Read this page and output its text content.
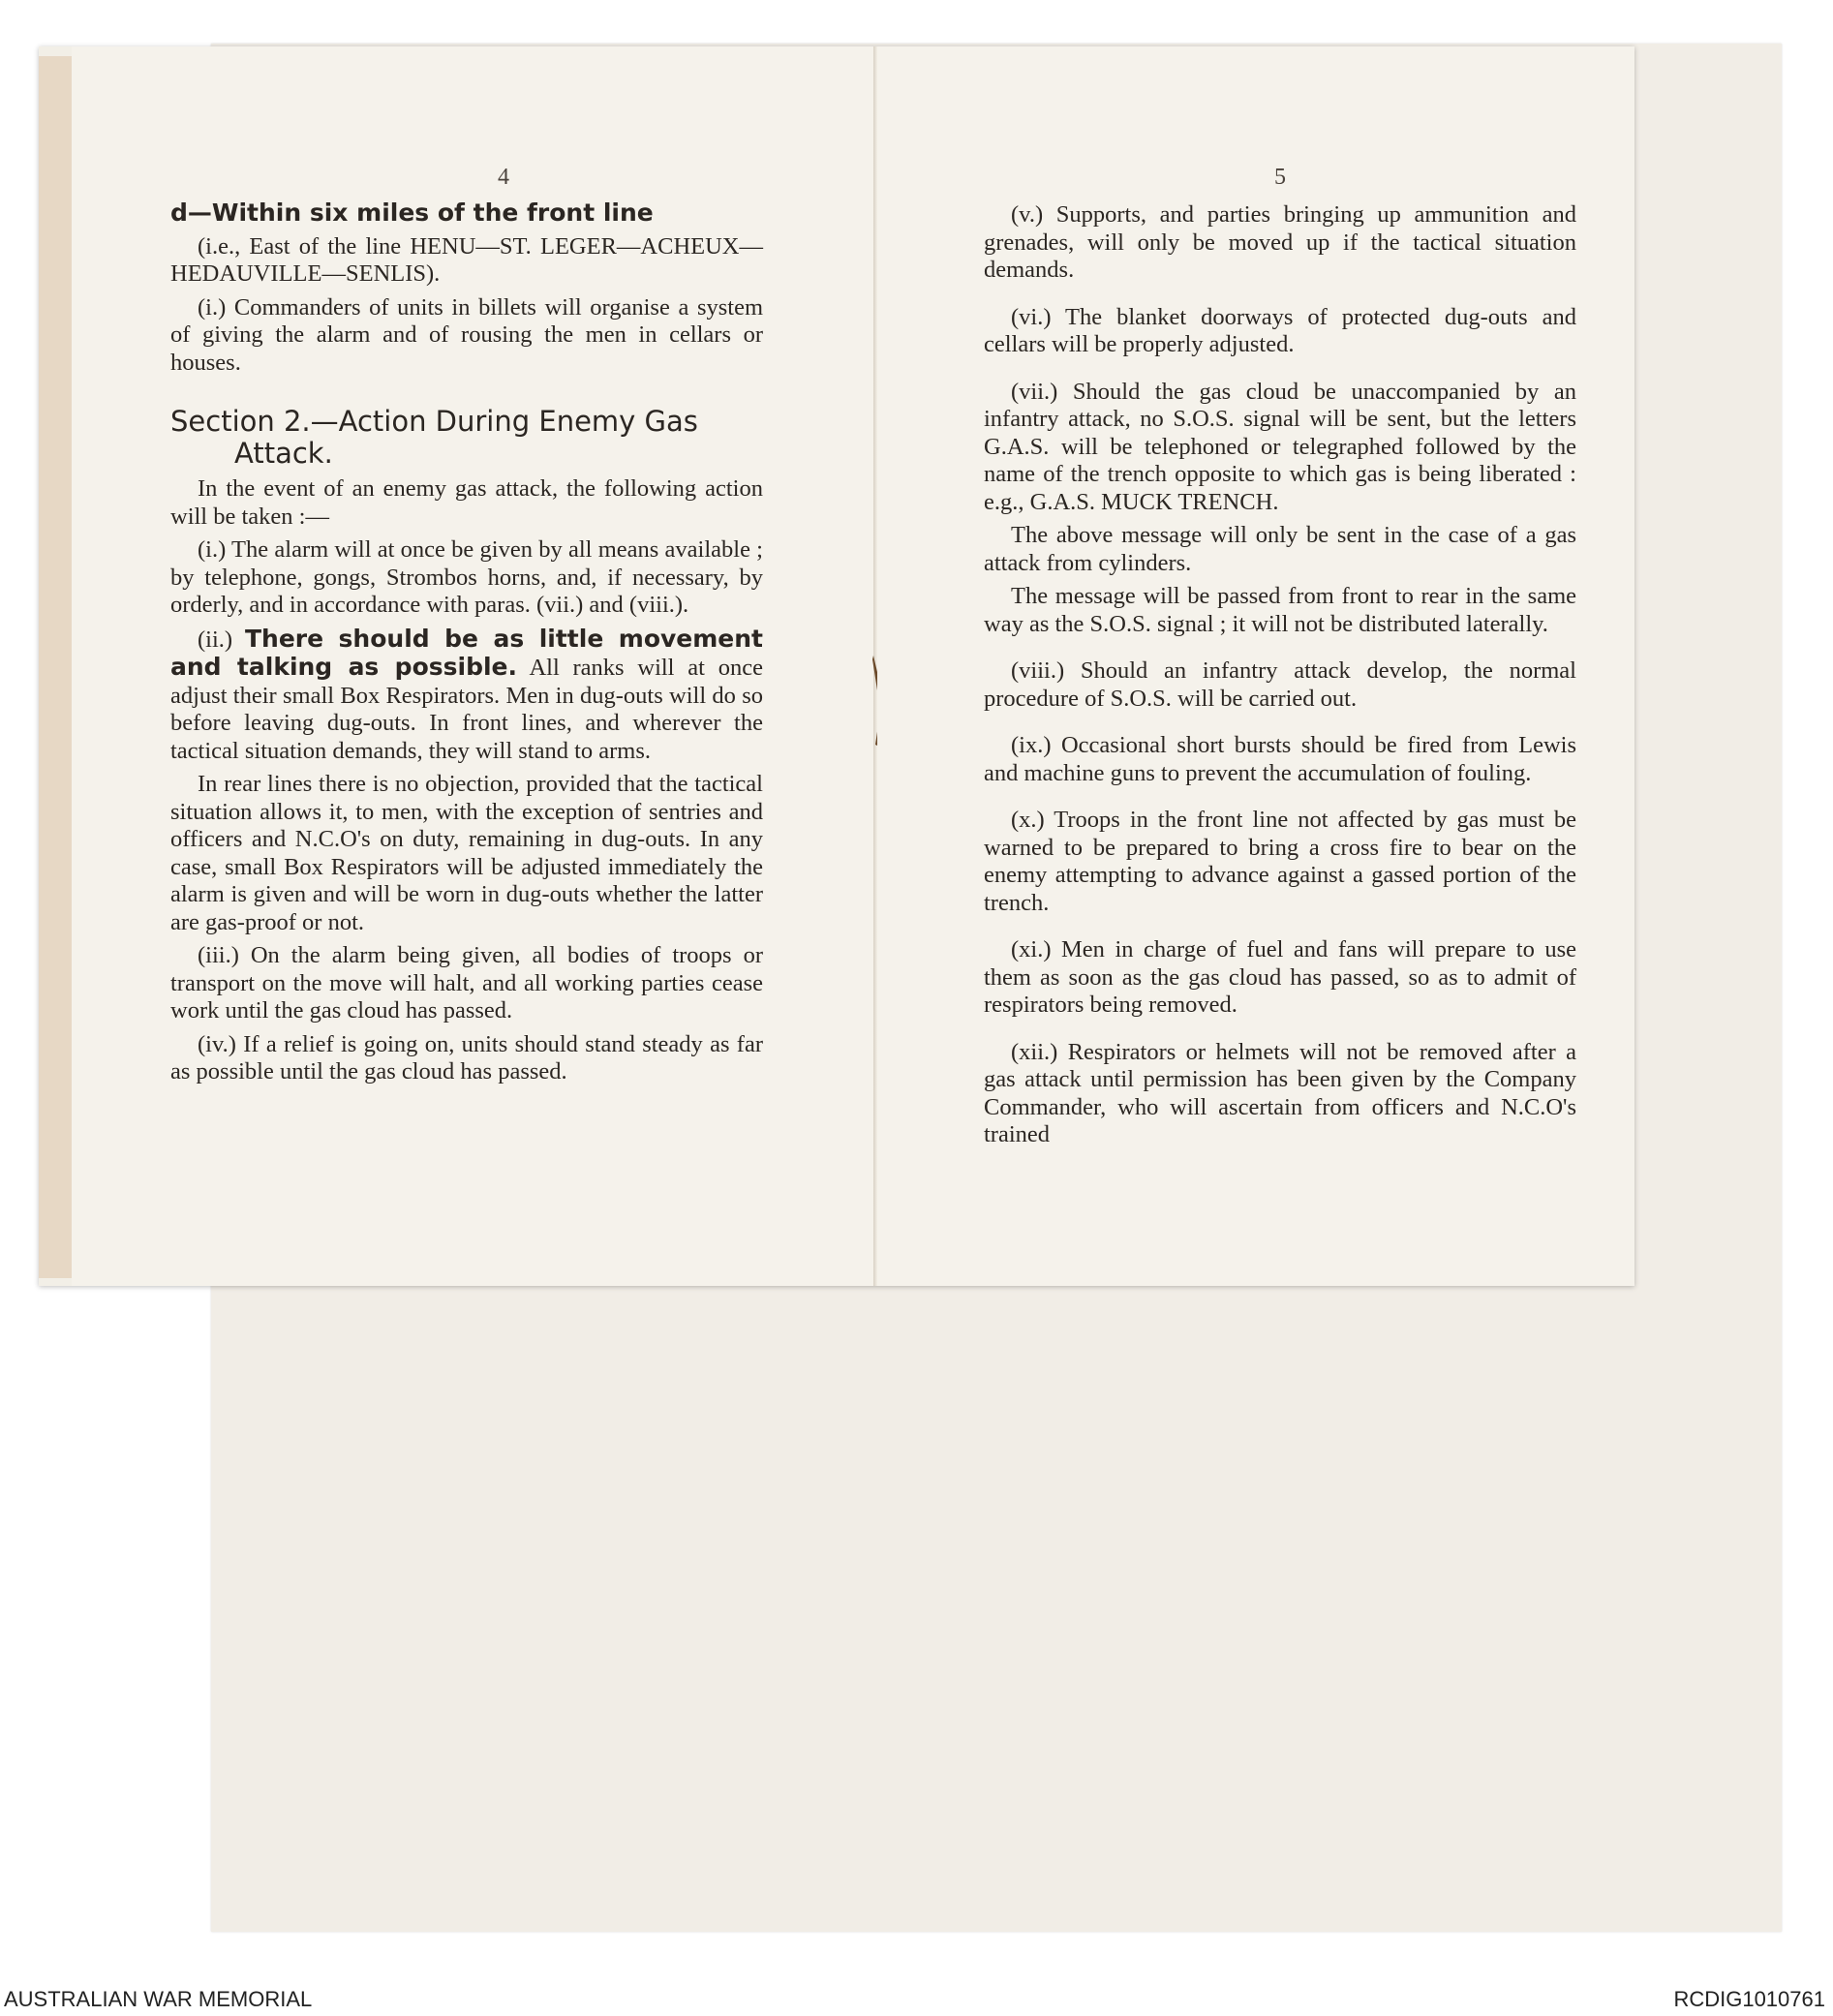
4
d—Within six miles of the front line

(i.e., East of the line HENU—ST. LEGER—ACHEUX—HEDAUVILLE—SENLIS).

(i.) Commanders of units in billets will organise a system of giving the alarm and of rousing the men in cellars or houses.

Section 2.—Action During Enemy Gas Attack.

In the event of an enemy gas attack, the following action will be taken :—

(i.) The alarm will at once be given by all means available ; by telephone, gongs, Strombos horns, and, if necessary, by orderly, and in accordance with paras. (vii.) and (viii.).

(ii.) There should be as little movement and talking as possible. All ranks will at once adjust their small Box Respirators. Men in dug-outs will do so before leaving dug-outs. In front lines, and wherever the tactical situation demands, they will stand to arms.

In rear lines there is no objection, provided that the tactical situation allows it, to men, with the exception of sentries and officers and N.C.O's on duty, remaining in dug-outs. In any case, small Box Respirators will be adjusted immediately the alarm is given and will be worn in dug-outs whether the latter are gas-proof or not.

(iii.) On the alarm being given, all bodies of troops or transport on the move will halt, and all working parties cease work until the gas cloud has passed.

(iv.) If a relief is going on, units should stand steady as far as possible until the gas cloud has passed.

5

(v.) Supports, and parties bringing up ammunition and grenades, will only be moved up if the tactical situation demands.

(vi.) The blanket doorways of protected dug-outs and cellars will be properly adjusted.

(vii.) Should the gas cloud be unaccompanied by an infantry attack, no S.O.S. signal will be sent, but the letters G.A.S. will be telephoned or telegraphed followed by the name of the trench opposite to which gas is being liberated : e.g., G.A.S. MUCK TRENCH.

The above message will only be sent in the case of a gas attack from cylinders.

The message will be passed from front to rear in the same way as the S.O.S. signal ; it will not be distributed laterally.

(viii.) Should an infantry attack develop, the normal procedure of S.O.S. will be carried out.

(ix.) Occasional short bursts should be fired from Lewis and machine guns to prevent the accumulation of fouling.

(x.) Troops in the front line not affected by gas must be warned to be prepared to bring a cross fire to bear on the enemy attempting to advance against a gassed portion of the trench.

(xi.) Men in charge of fuel and fans will prepare to use them as soon as the gas cloud has passed, so as to admit of respirators being removed.

(xii.) Respirators or helmets will not be removed after a gas attack until permission has been given by the Company Commander, who will ascertain from officers and N.C.O's trained

AUSTRALIAN WAR MEMORIAL	RCDIG1010761
